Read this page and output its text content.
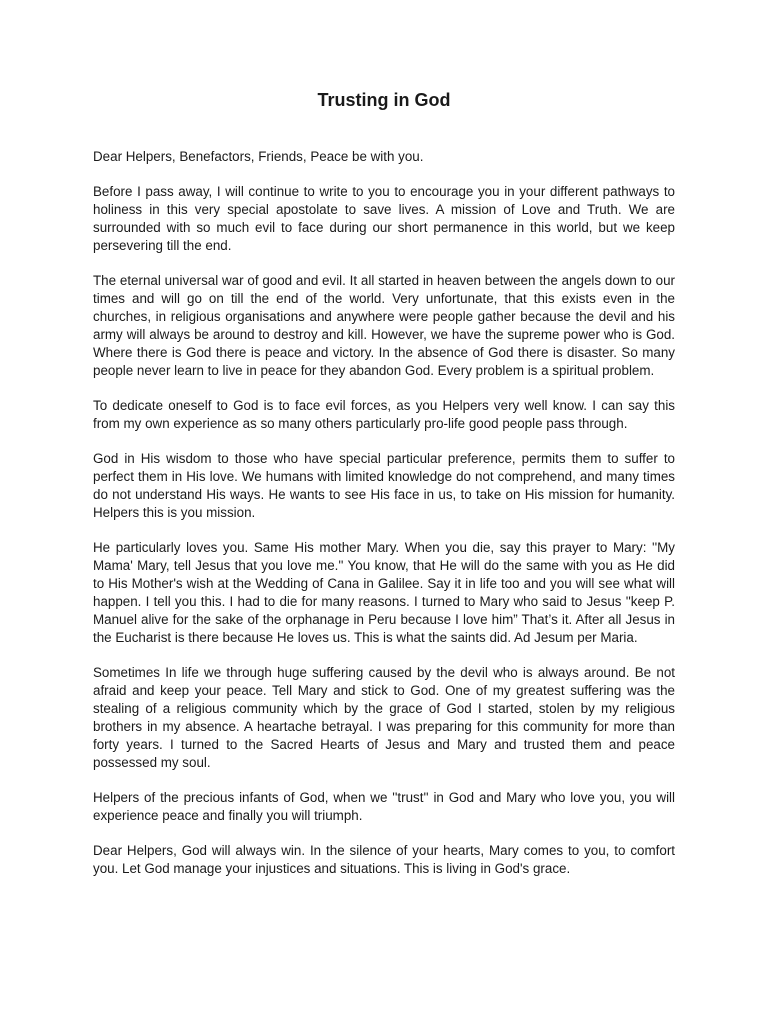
Trusting in God

Dear Helpers, Benefactors, Friends, Peace be with you.

Before I pass away, I will continue to write to you to encourage you in your different pathways to holiness in this very special apostolate to save lives. A mission of Love and Truth. We are surrounded with so much evil to face during our short permanence in this world, but we keep persevering till the end.

The eternal universal war of good and evil. It all started in heaven between the angels down to our times and will go on till the end of the world. Very unfortunate, that this exists even in the churches, in religious organisations and anywhere were people gather because the devil and his army will always be around to destroy and kill. However, we have the supreme power who is God. Where there is God there is peace and victory. In the absence of God there is disaster. So many people never learn to live in peace for they abandon God. Every problem is a spiritual problem.

To dedicate oneself to God is to face evil forces, as you Helpers very well know. I can say this from my own experience as so many others particularly pro-life good people pass through.

God in His wisdom to those who have special particular preference, permits them to suffer to perfect them in His love. We humans with limited knowledge do not comprehend, and many times do not understand His ways. He wants to see His face in us, to take on His mission for humanity. Helpers this is you mission.

He particularly loves you. Same His mother Mary. When you die, say this prayer to Mary: ''My Mama' Mary, tell Jesus that you love me.'' You know, that He will do the same with you as He did to His Mother's wish at the Wedding of Cana in Galilee. Say it in life too and you will see what will happen. I tell you this. I had to die for many reasons. I turned to Mary who said to Jesus ''keep P. Manuel alive for the sake of the orphanage in Peru because I love him” That’s it. After all Jesus in the Eucharist is there because He loves us. This is what the saints did. Ad Jesum per Maria.

Sometimes In life we through huge suffering caused by the devil who is always around. Be not afraid and keep your peace. Tell Mary and stick to God. One of my greatest suffering was the stealing of a religious community which by the grace of God I started, stolen by my religious brothers in my absence. A heartache betrayal. I was preparing for this community for more than forty years. I turned to the Sacred Hearts of Jesus and Mary and trusted them and peace possessed my soul.

Helpers of the precious infants of God, when we ''trust'' in God and Mary who love you, you will experience peace and finally you will triumph.

Dear Helpers, God will always win. In the silence of your hearts, Mary comes to you, to comfort you. Let God manage your injustices and situations. This is living in God's grace.
